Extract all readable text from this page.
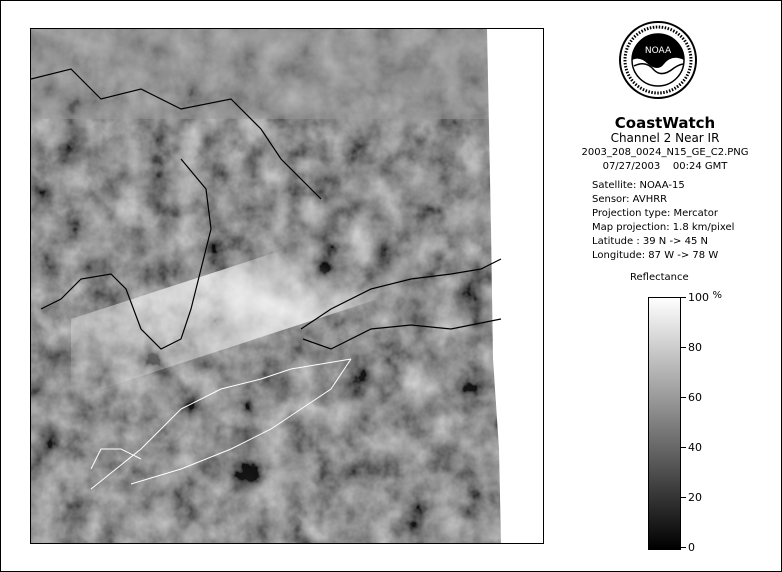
NOAA
CoastWatch
Channel 2 Near IR
2003_208_0024_N15_GE_C2.PNG
07/27/2003    00:24 GMT
Satellite: NOAA-15
Sensor: AVHRR
Projection type: Mercator
Map projection: 1.8 km/pixel
Latitude : 39 N -> 45 N
Longitude: 87 W -> 78 W
Reflectance
100 %
80
60
40
20
0
